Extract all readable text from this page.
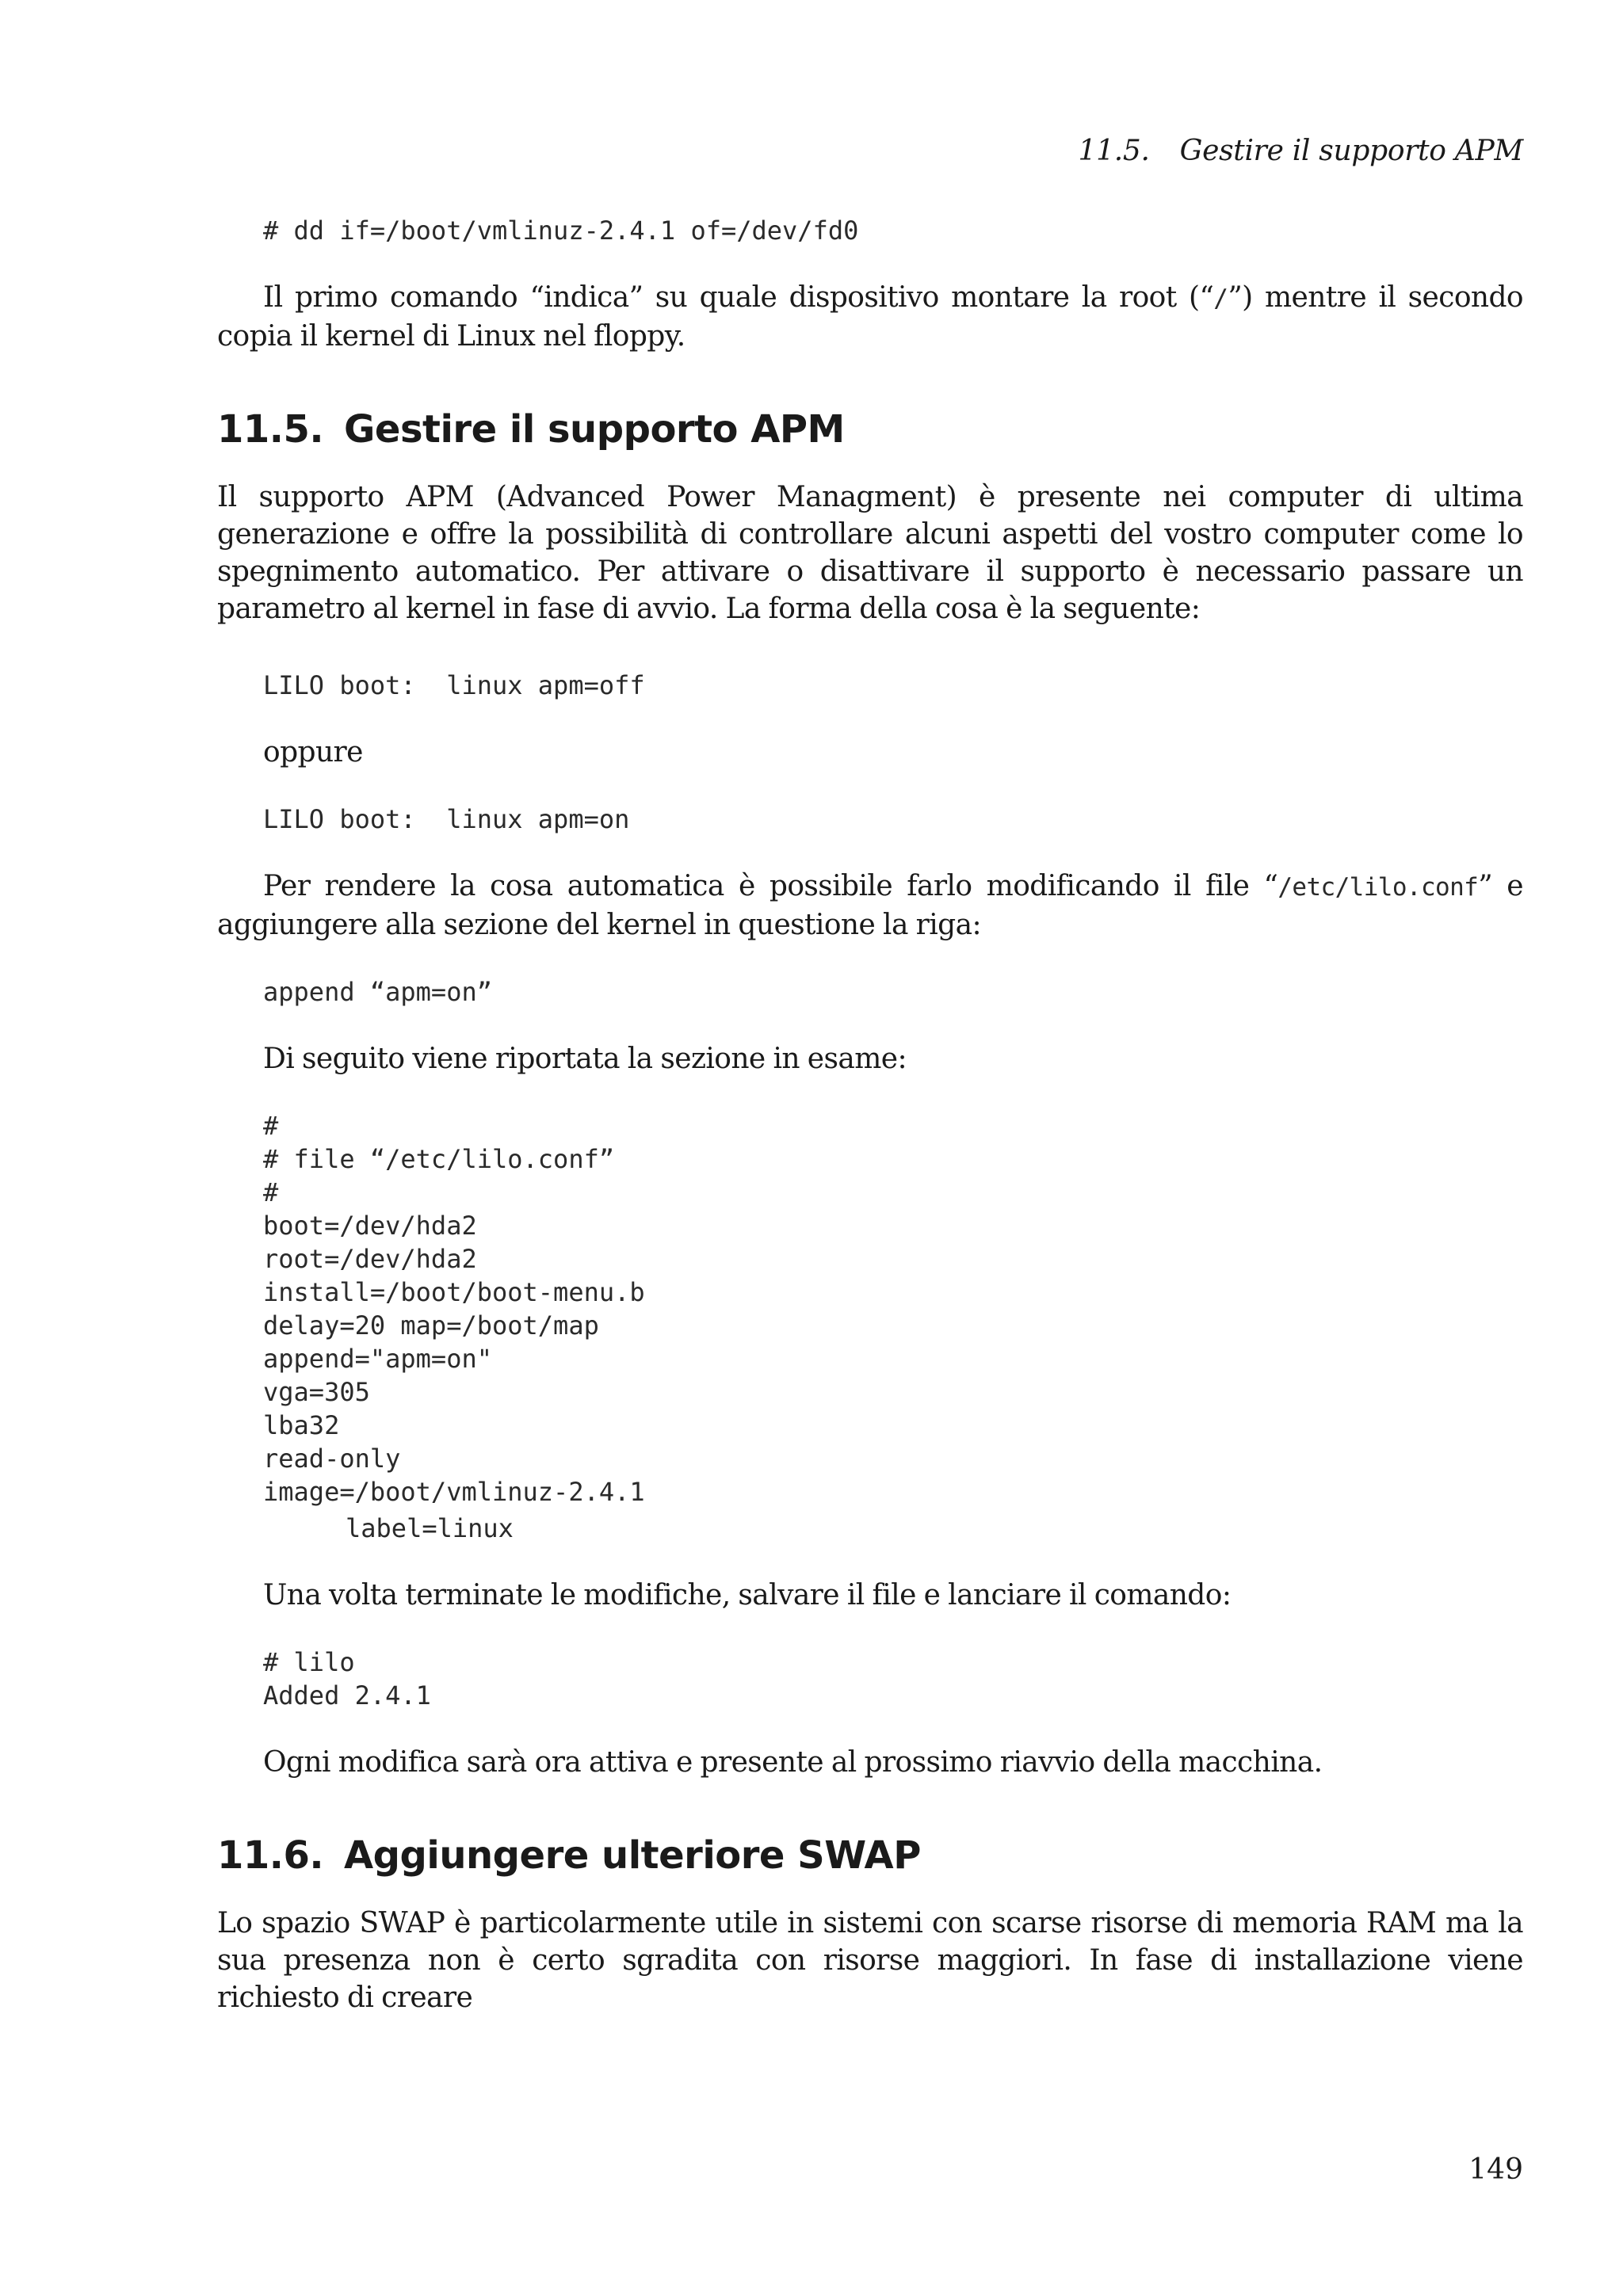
11.5. Gestire il supporto APM
# dd if=/boot/vmlinuz-2.4.1 of=/dev/fd0

Il primo comando “indica” su quale dispositivo montare la root (“/”) mentre il secondo copia il kernel di Linux nel floppy.

11.5. Gestire il supporto APM

Il supporto APM (Advanced Power Managment) è presente nei computer di ultima generazione e offre la possibilità di controllare alcuni aspetti del vostro computer come lo spegnimento automatico. Per attivare o disattivare il supporto è necessario passare un parametro al kernel in fase di avvio. La forma della cosa è la seguente:

LILO boot:  linux apm=off

oppure

LILO boot:  linux apm=on

Per rendere la cosa automatica è possibile farlo modificando il file “/etc/lilo.conf” e aggiungere alla sezione del kernel in questione la riga:

append “apm=on”

Di seguito viene riportata la sezione in esame:

#
# file “/etc/lilo.conf”
#
boot=/dev/hda2
root=/dev/hda2
install=/boot/boot-menu.b
delay=20 map=/boot/map
append="apm=on"
vga=305
lba32
read-only
image=/boot/vmlinuz-2.4.1
label=linux

Una volta terminate le modifiche, salvare il file e lanciare il comando:

# lilo
Added 2.4.1

Ogni modifica sarà ora attiva e presente al prossimo riavvio della macchina.

11.6. Aggiungere ulteriore SWAP

Lo spazio SWAP è particolarmente utile in sistemi con scarse risorse di memoria RAM ma la sua presenza non è certo sgradita con risorse maggiori. In fase di installazione viene richiesto di creare

149
